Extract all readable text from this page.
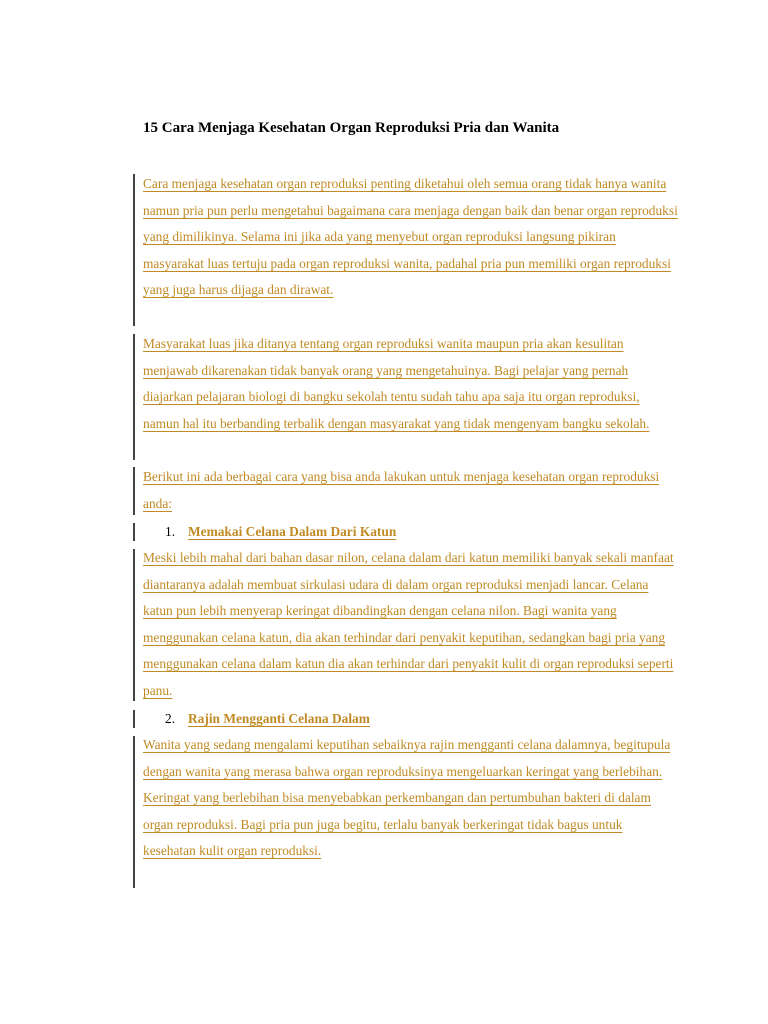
15 Cara Menjaga Kesehatan Organ Reproduksi Pria dan Wanita

Cara menjaga kesehatan organ reproduksi penting diketahui oleh semua orang tidak hanya wanita namun pria pun perlu mengetahui bagaimana cara menjaga dengan baik dan benar organ reproduksi yang dimilikinya. Selama ini jika ada yang menyebut organ reproduksi langsung pikiran masyarakat luas tertuju pada organ reproduksi wanita, padahal pria pun memiliki organ reproduksi yang juga harus dijaga dan dirawat.

Masyarakat luas jika ditanya tentang organ reproduksi wanita maupun pria akan kesulitan menjawab dikarenakan tidak banyak orang yang mengetahuinya. Bagi pelajar yang pernah diajarkan pelajaran biologi di bangku sekolah tentu sudah tahu apa saja itu organ reproduksi, namun hal itu berbanding terbalik dengan masyarakat yang tidak mengenyam bangku sekolah.

Berikut ini ada berbagai cara yang bisa anda lakukan untuk menjaga kesehatan organ reproduksi anda:

1. Memakai Celana Dalam Dari Katun

Meski lebih mahal dari bahan dasar nilon, celana dalam dari katun memiliki banyak sekali manfaat diantaranya adalah membuat sirkulasi udara di dalam organ reproduksi menjadi lancar. Celana katun pun lebih menyerap keringat dibandingkan dengan celana nilon. Bagi wanita yang menggunakan celana katun, dia akan terhindar dari penyakit keputihan, sedangkan bagi pria yang menggunakan celana dalam katun dia akan terhindar dari penyakit kulit di organ reproduksi seperti panu.

2. Rajin Mengganti Celana Dalam

Wanita yang sedang mengalami keputihan sebaiknya rajin mengganti celana dalamnya, begitupula dengan wanita yang merasa bahwa organ reproduksinya mengeluarkan keringat yang berlebihan. Keringat yang berlebihan bisa menyebabkan perkembangan dan pertumbuhan bakteri di dalam organ reproduksi. Bagi pria pun juga begitu, terlalu banyak berkeringat tidak bagus untuk kesehatan kulit organ reproduksi.
